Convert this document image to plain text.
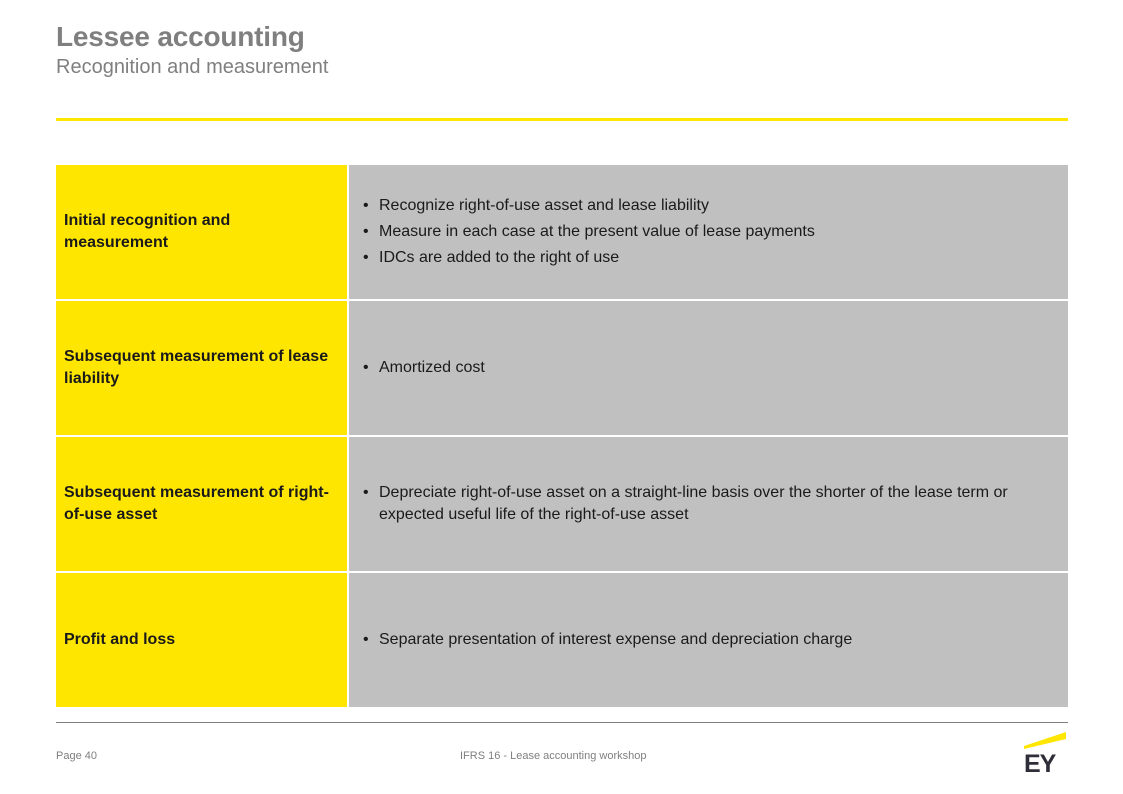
Lessee accounting
Recognition and measurement
Initial recognition and measurement
• Recognize right-of-use asset and lease liability
• Measure in each case at the present value of lease payments
• IDCs are added to the right of use
Subsequent measurement of lease liability
• Amortized cost
Subsequent measurement of right-of-use asset
• Depreciate right-of-use asset on a straight-line basis over the shorter of the lease term or expected useful life of the right-of-use asset
Profit and loss
•	Separate presentation of interest expense and depreciation charge
Page 40	IFRS 16 - Lease accounting workshop	EY
